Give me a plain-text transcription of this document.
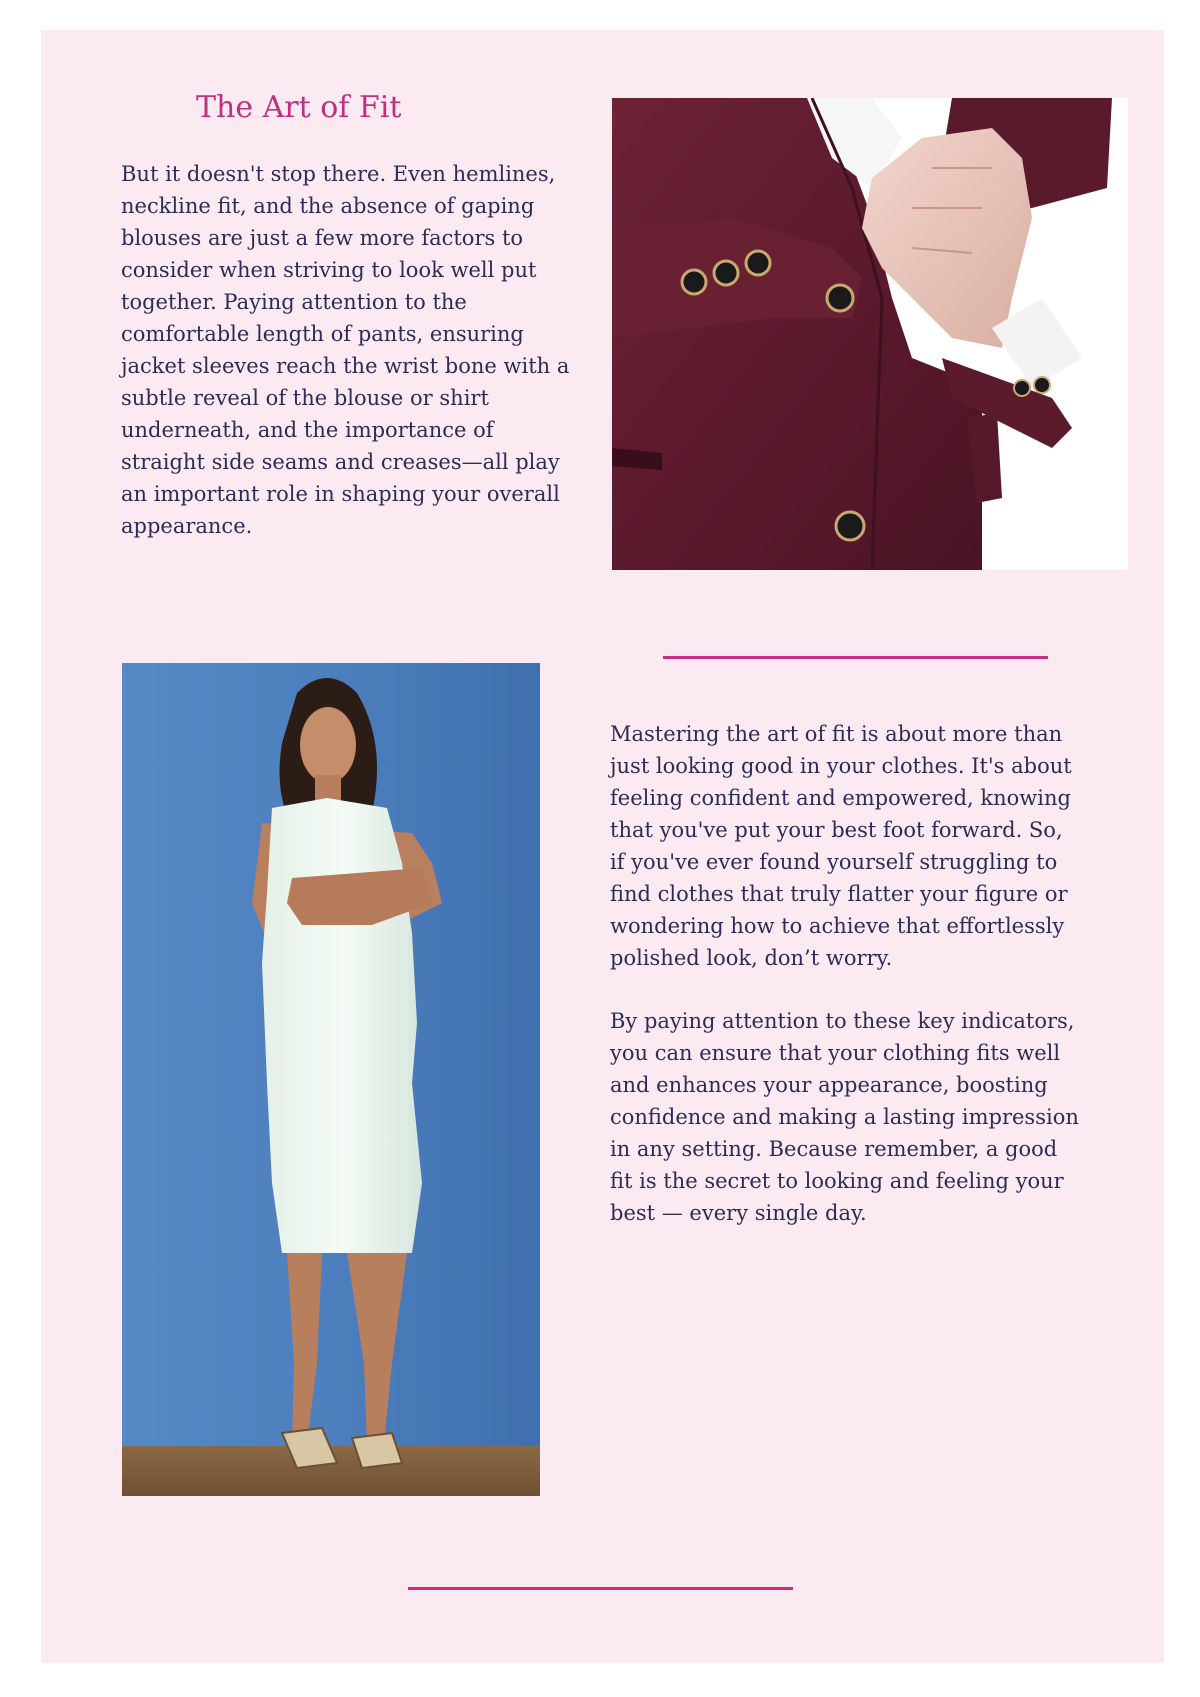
The Art of Fit

But it doesn't stop there. Even hemlines, neckline fit, and the absence of gaping blouses are just a few more factors to consider when striving to look well put together. Paying attention to the comfortable length of pants, ensuring jacket sleeves reach the wrist bone with a subtle reveal of the blouse or shirt underneath, and the importance of straight side seams and creases—all play an important role in shaping your overall appearance.

Mastering the art of fit is about more than just looking good in your clothes. It's about feeling confident and empowered, knowing that you've put your best foot forward. So, if you've ever found yourself struggling to find clothes that truly flatter your figure or wondering how to achieve that effortlessly polished look, don’t worry.

By paying attention to these key indicators, you can ensure that your clothing fits well and enhances your appearance, boosting confidence and making a lasting impression in any setting. Because remember, a good fit is the secret to looking and feeling your best — every single day.
